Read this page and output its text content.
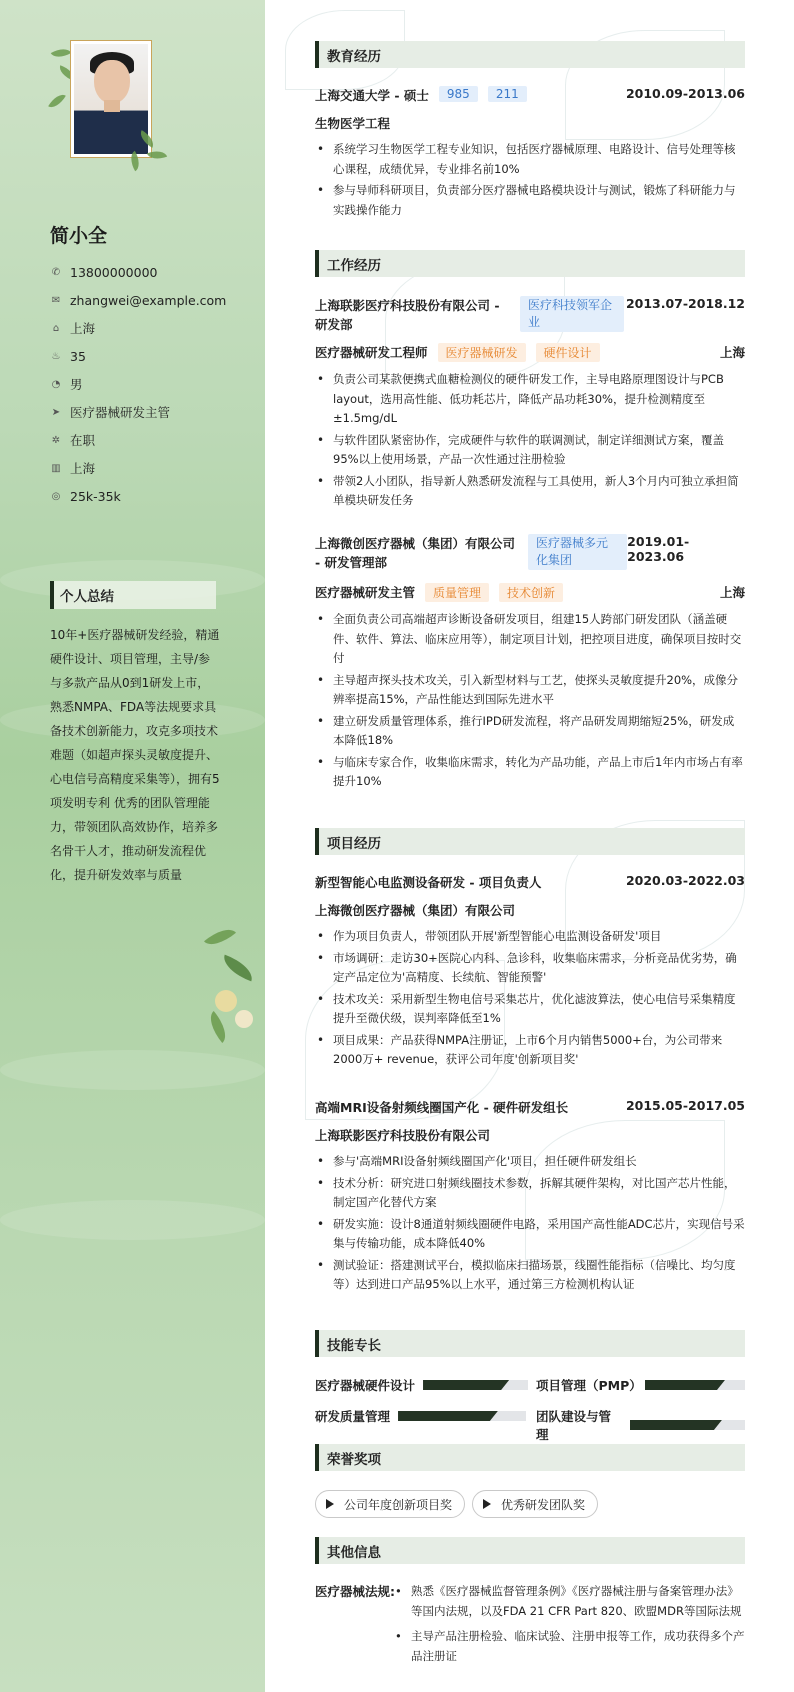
简小全
✆ 13800000000
✉ zhangwei@example.com
⌂ 上海
♨ 35
◔ 男
➤ 医疗器械研发主管
✲ 在职
▥ 上海
◎ 25k-35k
个人总结
10年+医疗器械研发经验，精通硬件设计、项目管理，主导/参与多款产品从0到1研发上市，熟悉NMPA、FDA等法规要求具备技术创新能力，攻克多项技术难题（如超声探头灵敏度提升、心电信号高精度采集等），拥有5项发明专利 优秀的团队管理能力，带领团队高效协作，培养多名骨干人才，推动研发流程优化，提升研发效率与质量
教育经历
上海交通大学 - 硕士	985	211	2010.09-2013.06
生物医学工程
• 系统学习生物医学工程专业知识，包括医疗器械原理、电路设计、信号处理等核心课程，成绩优异，专业排名前10%
• 参与导师科研项目，负责部分医疗器械电路模块设计与测试，锻炼了科研能力与实践操作能力
工作经历
上海联影医疗科技股份有限公司 - 研发部
医疗科技领军企业
2013.07-2018.12
医疗器械研发工程师	医疗器械研发	硬件设计	上海
• 负责公司某款便携式血糖检测仪的硬件研发工作，主导电路原理图设计与PCB layout，选用高性能、低功耗芯片，降低产品功耗30%，提升检测精度至±1.5mg/dL
• 与软件团队紧密协作，完成硬件与软件的联调测试，制定详细测试方案，覆盖95%以上使用场景，产品一次性通过注册检验
• 带领2人小团队，指导新人熟悉研发流程与工具使用，新人3个月内可独立承担简单模块研发任务
上海微创医疗器械（集团）有限公司 - 研发管理部
医疗器械多元化集团
2019.01-2023.06
医疗器械研发主管	质量管理	技术创新	上海
• 全面负责公司高端超声诊断设备研发项目，组建15人跨部门研发团队（涵盖硬件、软件、算法、临床应用等），制定项目计划，把控项目进度，确保项目按时交付
• 主导超声探头技术攻关，引入新型材料与工艺，使探头灵敏度提升20%，成像分辨率提高15%，产品性能达到国际先进水平
• 建立研发质量管理体系，推行IPD研发流程，将产品研发周期缩短25%，研发成本降低18%
• 与临床专家合作，收集临床需求，转化为产品功能，产品上市后1年内市场占有率提升10%
项目经历
新型智能心电监测设备研发 - 项目负责人	2020.03-2022.03
上海微创医疗器械（集团）有限公司
• 作为项目负责人，带领团队开展'新型智能心电监测设备研发'项目
• 市场调研：走访30+医院心内科、急诊科，收集临床需求，分析竞品优劣势，确定产品定位为'高精度、长续航、智能预警'
• 技术攻关：采用新型生物电信号采集芯片，优化滤波算法，使心电信号采集精度提升至微伏级，误判率降低至1%
• 项目成果：产品获得NMPA注册证，上市6个月内销售5000+台，为公司带来2000万+ revenue，获评公司年度'创新项目奖'
高端MRI设备射频线圈国产化 - 硬件研发组长	2015.05-2017.05
上海联影医疗科技股份有限公司
• 参与'高端MRI设备射频线圈国产化'项目，担任硬件研发组长
• 技术分析：研究进口射频线圈技术参数，拆解其硬件架构，对比国产芯片性能，制定国产化替代方案
• 研发实施：设计8通道射频线圈硬件电路，采用国产高性能ADC芯片，实现信号采集与传输功能，成本降低40%
• 测试验证：搭建测试平台，模拟临床扫描场景，线圈性能指标（信噪比、均匀度等）达到进口产品95%以上水平，通过第三方检测机构认证
技能专长
医疗器械硬件设计	项目管理（PMP）
研发质量管理	团队建设与管理
荣誉奖项
公司年度创新项目奖	优秀研发团队奖
其他信息
医疗器械法规:
•	熟悉《医疗器械监督管理条例》《医疗器械注册与备案管理办法》等国内法规，以及FDA 21 CFR Part 820、欧盟MDR等国际法规
• 主导产品注册检验、临床试验、注册申报等工作，成功获得多个产品注册证
